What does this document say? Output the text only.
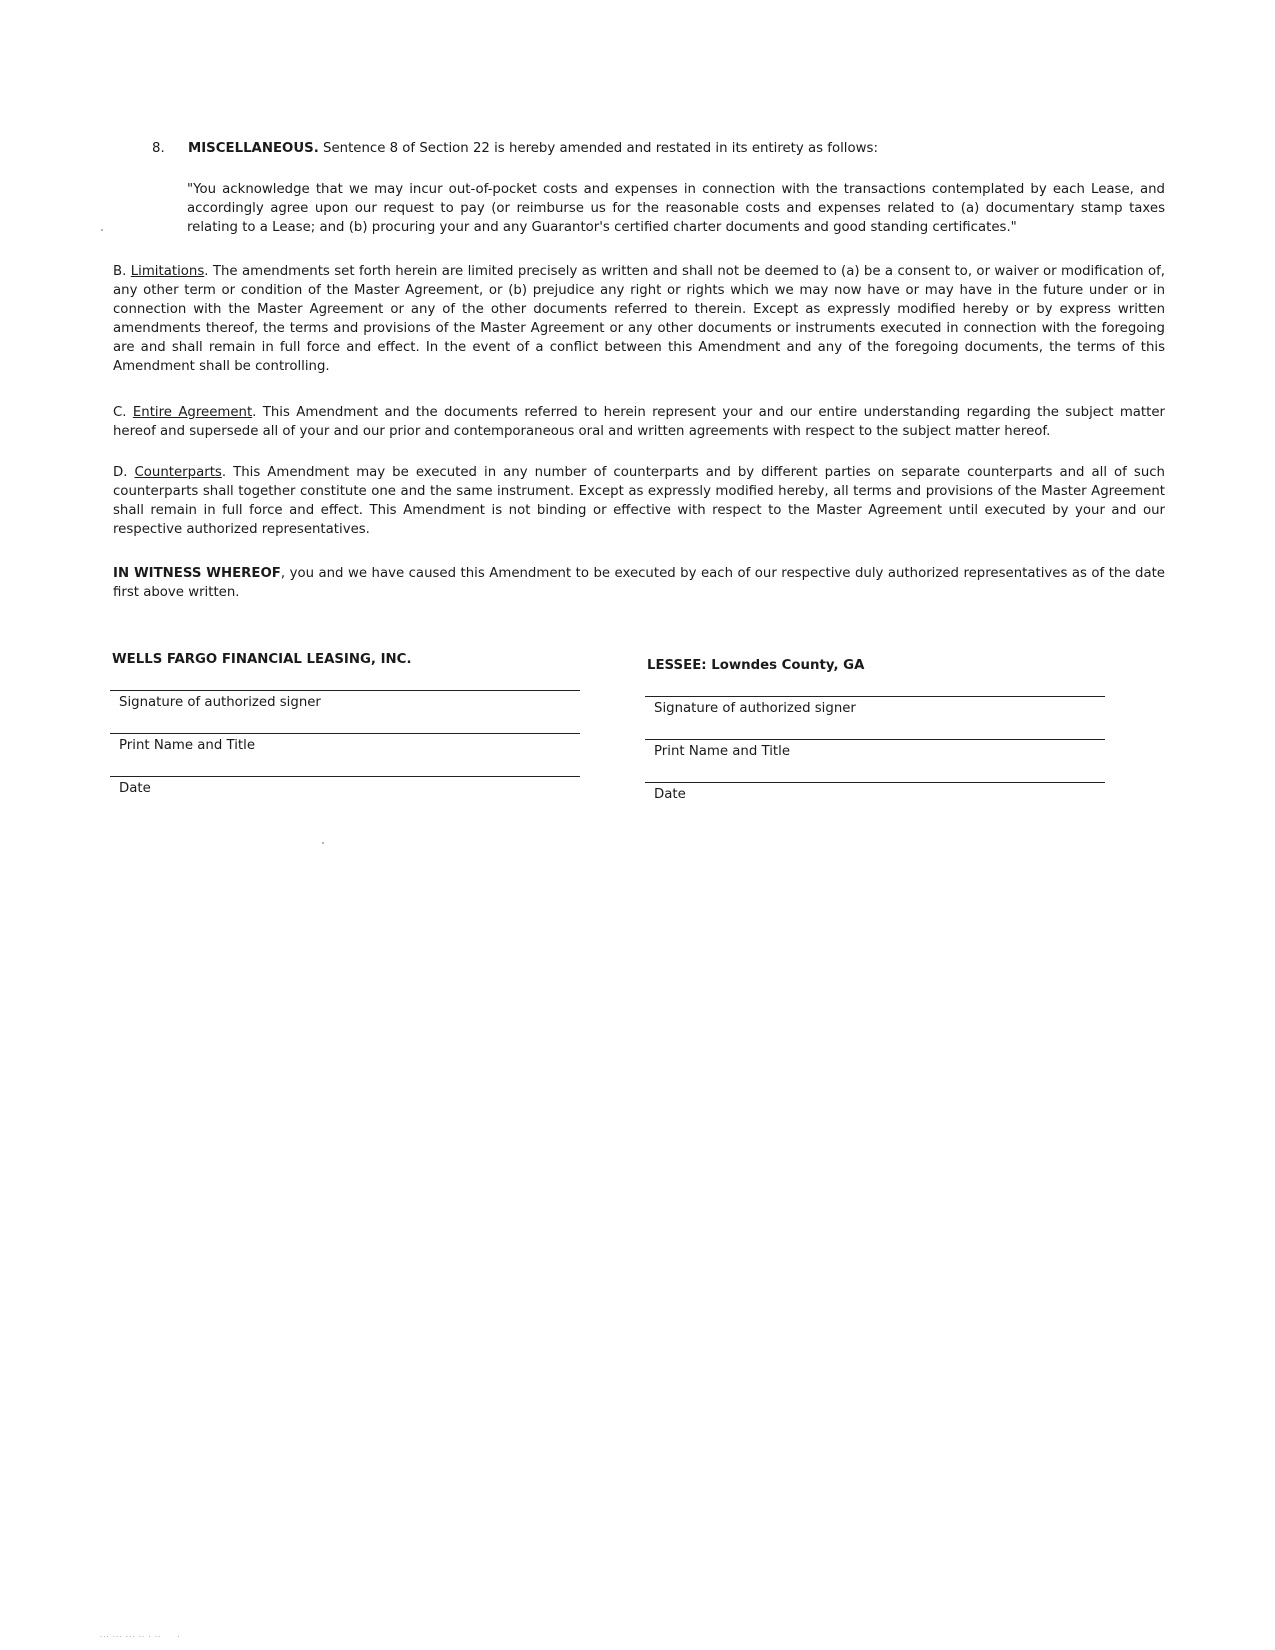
8. MISCELLANEOUS. Sentence 8 of Section 22 is hereby amended and restated in its entirety as follows:
"You acknowledge that we may incur out-of-pocket costs and expenses in connection with the transactions contemplated by each Lease, and accordingly agree upon our request to pay (or reimburse us for the reasonable costs and expenses related to (a) documentary stamp taxes relating to a Lease; and (b) procuring your and any Guarantor's certified charter documents and good standing certificates."
B. Limitations. The amendments set forth herein are limited precisely as written and shall not be deemed to (a) be a consent to, or waiver or modification of, any other term or condition of the Master Agreement, or (b) prejudice any right or rights which we may now have or may have in the future under or in connection with the Master Agreement or any of the other documents referred to therein. Except as expressly modified hereby or by express written amendments thereof, the terms and provisions of the Master Agreement or any other documents or instruments executed in connection with the foregoing are and shall remain in full force and effect. In the event of a conflict between this Amendment and any of the foregoing documents, the terms of this Amendment shall be controlling.
C. Entire Agreement. This Amendment and the documents referred to herein represent your and our entire understanding regarding the subject matter hereof and supersede all of your and our prior and contemporaneous oral and written agreements with respect to the subject matter hereof.
D. Counterparts. This Amendment may be executed in any number of counterparts and by different parties on separate counterparts and all of such counterparts shall together constitute one and the same instrument. Except as expressly modified hereby, all terms and provisions of the Master Agreement shall remain in full force and effect. This Amendment is not binding or effective with respect to the Master Agreement until executed by your and our respective authorized representatives.
IN WITNESS WHEREOF, you and we have caused this Amendment to be executed by each of our respective duly authorized representatives as of the date first above written.
WELLS FARGO FINANCIAL LEASING, INC.
Signature of authorized signer
Print Name and Title
Date
LESSEE: Lowndes County, GA
Signature of authorized signer
Print Name and Title
Date
··· ··· ··· ·· · ··     ·
